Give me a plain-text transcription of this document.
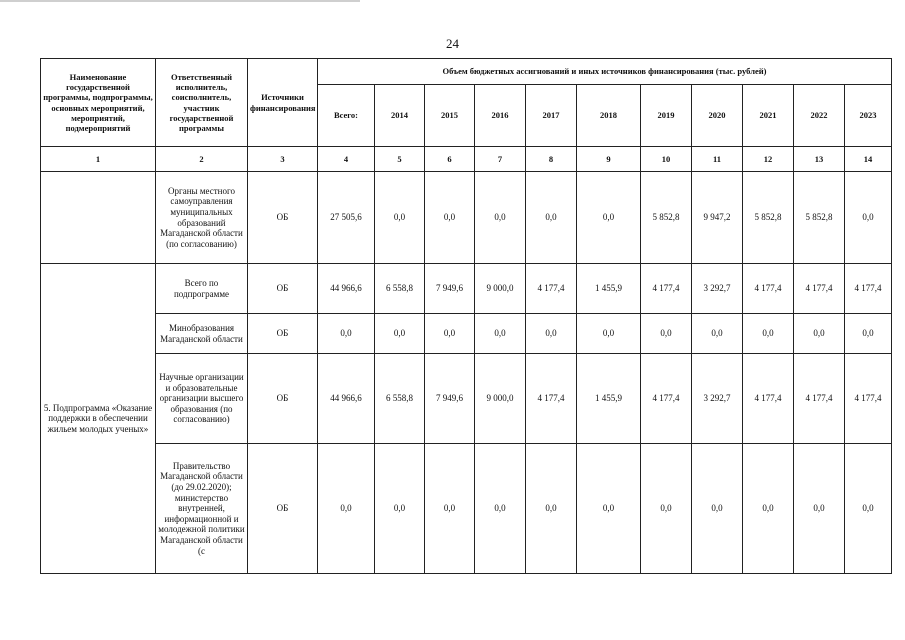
24
Наименование государственной программы, подпрограммы, основных мероприятий, мероприятий, подмероприятий	Ответственный исполнитель, соисполнитель, участник государственной программы	Источники финансирования	Объем бюджетных ассигнований и иных источников финансирования (тыс. рублей)										
			Всего:	2014	2015	2016	2017	2018	2019	2020	2021	2022	2023
1	2	3	4	5	6	7	8	9	10	11	12	13	14
	Органы местного самоуправления муниципальных образований Магаданской области (по согласованию)	ОБ	27 505,6	0,0	0,0	0,0	0,0	0,0	5 852,8	9 947,2	5 852,8	5 852,8	0,0
5. Подпрограмма «Оказание поддержки в обеспечении жильем молодых ученых»	Всего по подпрограмме	ОБ	44 966,6	6 558,8	7 949,6	9 000,0	4 177,4	1 455,9	4 177,4	3 292,7	4 177,4	4 177,4	4 177,4
	Минобразования Магаданской области	ОБ	0,0	0,0	0,0	0,0	0,0	0,0	0,0	0,0	0,0	0,0	0,0
	Научные организации и образовательные организации высшего образования (по согласованию)	ОБ	44 966,6	6 558,8	7 949,6	9 000,0	4 177,4	1 455,9	4 177,4	3 292,7	4 177,4	4 177,4	4 177,4
	Правительство Магаданской области (до 29.02.2020); министерство внутренней, информационной и молодежной политики Магаданской области (с	ОБ	0,0	0,0	0,0	0,0	0,0	0,0	0,0	0,0	0,0	0,0	0,0
